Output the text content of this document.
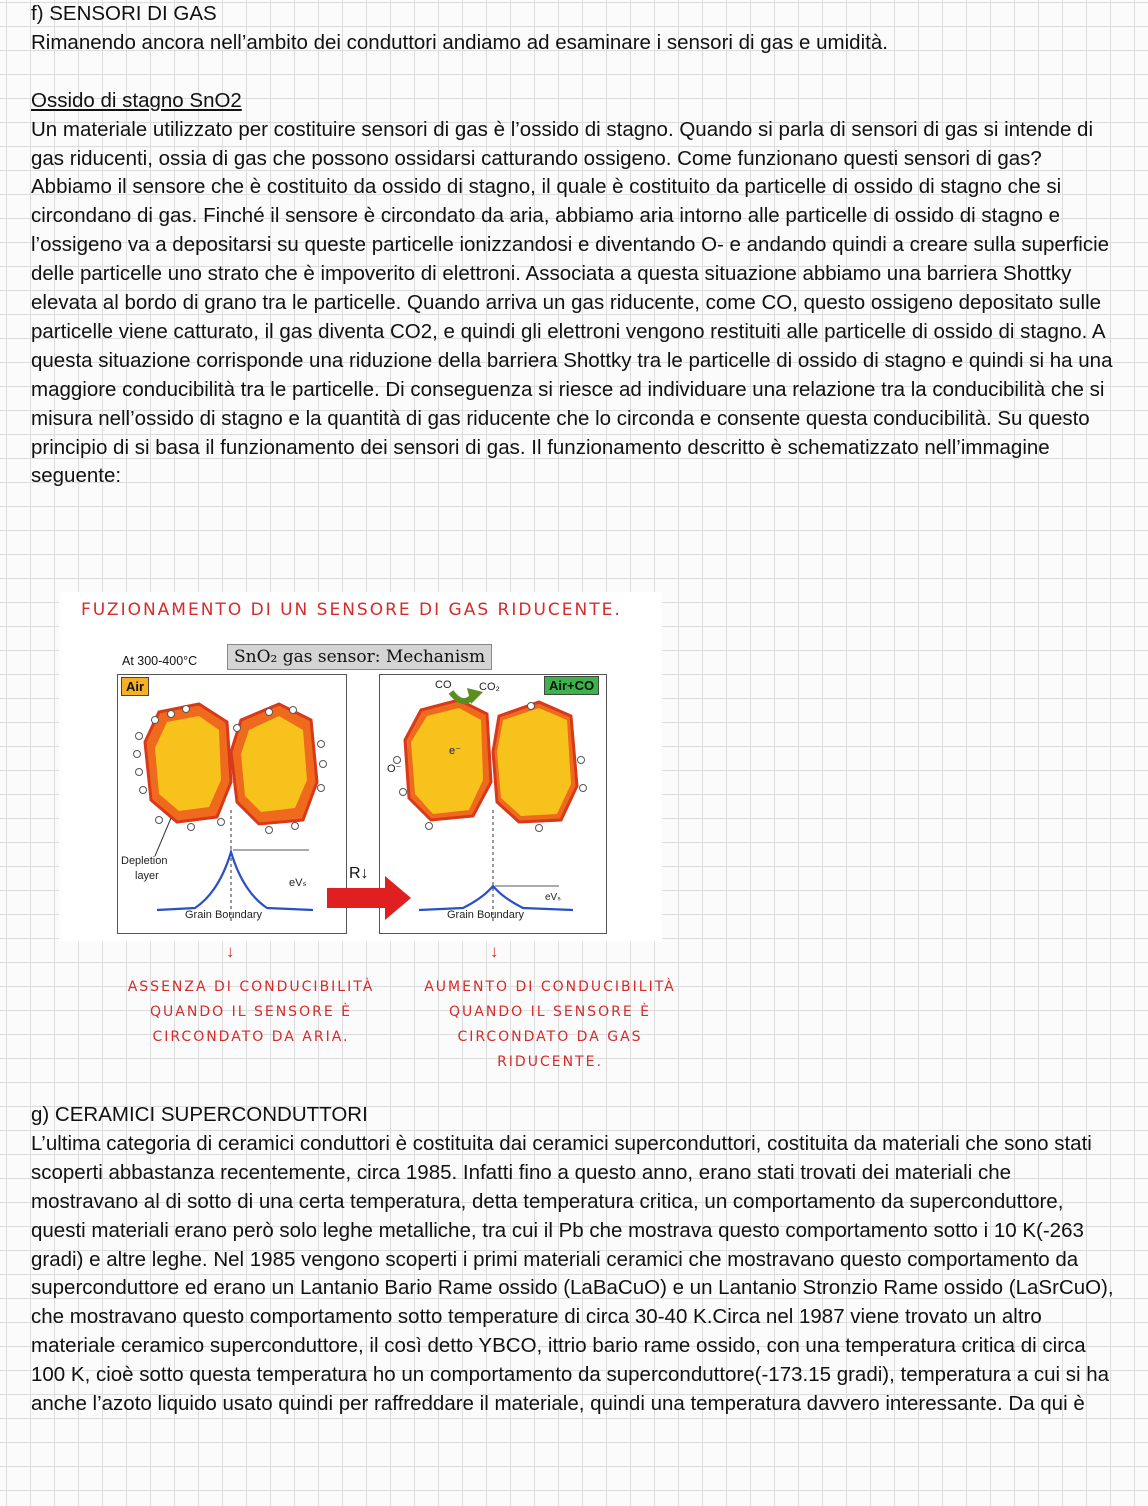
f) SENSORI DI GAS

Rimanendo ancora nell’ambito dei conduttori andiamo ad esaminare i sensori di gas e umidità.

Ossido di stagno SnO2

Un materiale utilizzato per costituire sensori di gas è l’ossido di stagno. Quando si parla di sensori di gas si intende di gas riducenti, ossia di gas che possono ossidarsi catturando ossigeno. Come funzionano questi sensori di gas? Abbiamo il sensore che è costituito da ossido di stagno, il quale è costituito da particelle di ossido di stagno che si circondano di gas. Finché il sensore è circondato da aria, abbiamo aria intorno alle particelle di ossido di stagno e l’ossigeno va a depositarsi su queste particelle ionizzandosi e diventando O- e andando quindi a creare sulla superficie delle particelle uno strato che è impoverito di elettroni. Associata a questa situazione abbiamo una barriera Shottky elevata al bordo di grano tra le particelle. Quando arriva un gas riducente, come CO, questo ossigeno depositato sulle particelle viene catturato, il gas diventa CO2, e quindi gli elettroni vengono restituiti alle particelle di ossido di stagno. A questa situazione corrisponde una riduzione della barriera Shottky tra le particelle di ossido di stagno e quindi si ha una maggiore conducibilità tra le particelle. Di conseguenza si riesce ad individuare una relazione tra la conducibilità che si misura nell’ossido di stagno e la quantità di gas riducente che lo circonda e consente questa conducibilità. Su questo principio di si basa il funzionamento dei sensori di gas. Il funzionamento descritto è schematizzato nell’immagine seguente:

FUZIONAMENTO DI UN SENSORE DI GAS RIDUCENTE.
At 300-400°C	SnO₂ gas sensor: Mechanism
Air	Air+CO
CO	CO₂
e⁻
O⁻
eVₛ
eVₛ
Depletion
layer
Grain Boundary	Grain Boundary
R↓
↓	↓
ASSENZA DI CONDUCIBILITÀ
QUANDO IL SENSORE È
CIRCONDATO DA ARIA.
AUMENTO DI CONDUCIBILITÀ
QUANDO IL SENSORE È
CIRCONDATO DA GAS
RIDUCENTE.
g) CERAMICI SUPERCONDUTTORI

L’ultima categoria di ceramici conduttori è costituita dai ceramici superconduttori, costituita da materiali che sono stati scoperti abbastanza recentemente, circa 1985. Infatti fino a questo anno, erano stati trovati dei materiali che mostravano al di sotto di una certa temperatura, detta temperatura critica, un comportamento da superconduttore, questi materiali erano però solo leghe metalliche, tra cui il Pb che mostrava questo comportamento sotto i 10 K(-263 gradi) e altre leghe. Nel 1985 vengono scoperti i primi materiali ceramici che mostravano questo comportamento da superconduttore ed erano un Lantanio Bario Rame ossido (LaBaCuO) e un Lantanio Stronzio Rame ossido (LaSrCuO), che mostravano questo comportamento sotto temperature di circa 30-40 K.Circa nel 1987 viene trovato un altro materiale ceramico superconduttore, il così detto YBCO, ittrio bario rame ossido, con una temperatura critica di circa 100 K, cioè sotto questa temperatura ho un comportamento da superconduttore(-173.15 gradi), temperatura a cui si ha anche l’azoto liquido usato quindi per raffreddare il materiale, quindi una temperatura davvero interessante. Da qui è
